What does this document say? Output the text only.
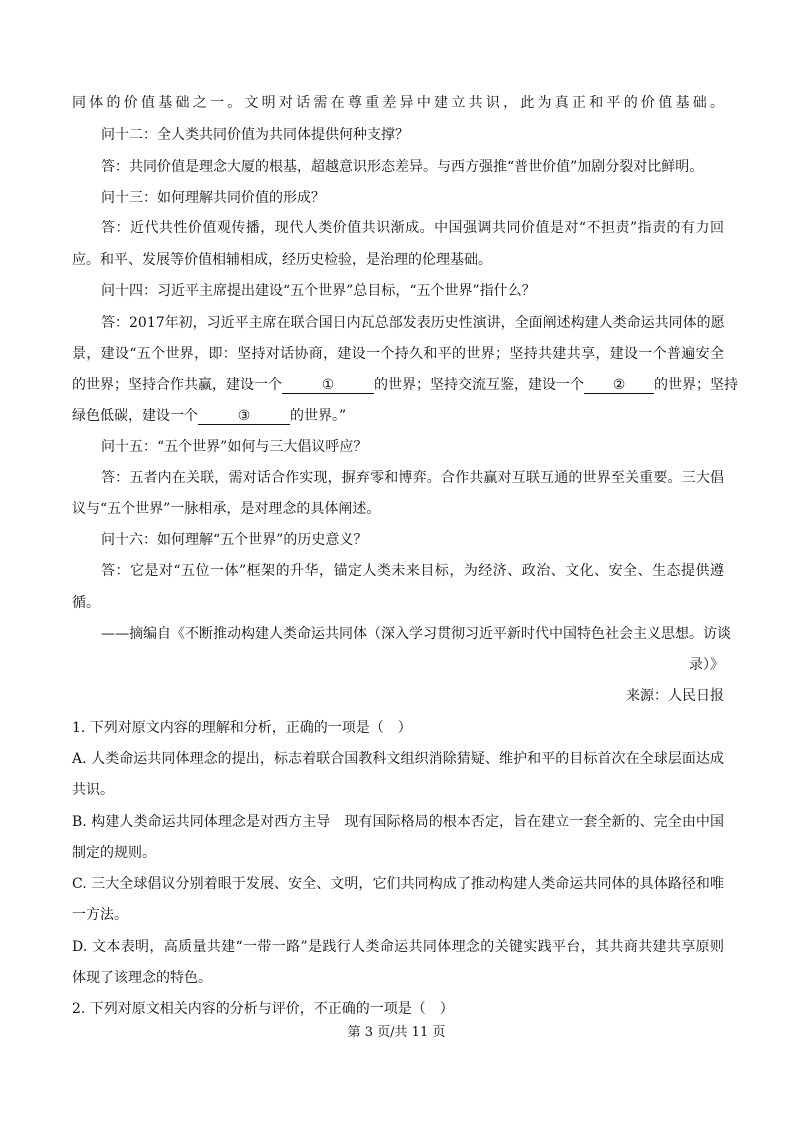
同体的价值基础之一。文明对话需在尊重差异中建立共识，此为真正和平的价值基础。
问十二：全人类共同价值为共同体提供何种支撑？
答：共同价值是理念大厦的根基，超越意识形态差异。与西方强推“普世价值”加剧分裂对比鲜明。
问十三：如何理解共同价值的形成？
答：近代共性价值观传播，现代人类价值共识渐成。中国强调共同价值是对“不担责”指责的有力回
应。和平、发展等价值相辅相成，经历史检验，是治理的伦理基础。
问十四：习近平主席提出建设“五个世界”总目标，“五个世界”指什么？
答：2017年初，习近平主席在联合国日内瓦总部发表历史性演讲，全面阐述构建人类命运共同体的愿
景，建设“五个世界，即：坚持对话协商，建设一个持久和平的世界；坚持共建共享，建设一个普遍安全
的世界；坚持合作共赢，建设一个	①	的世界；坚持交流互鉴，建设一个 ② 的世界；坚持
绿色低碳，建设一个	③	的世界。”
问十五：“五个世界”如何与三大倡议呼应？
答：五者内在关联，需对话合作实现，摒弃零和博弈。合作共赢对互联互通的世界至关重要。三大倡
议与“五个世界”一脉相承，是对理念的具体阐述。
问十六：如何理解“五个世界”的历史意义？
答：它是对“五位一体”框架的升华，锚定人类未来目标，为经济、政治、文化、安全、生态提供遵
循。
——摘编自《不断推动构建人类命运共同体（深入学习贯彻习近平新时代中国特色社会主义思想。访谈
录）》
来源：人民日报
1. 下列对原文内容的理解和分析，正确的一项是（　）
A. 人类命运共同体理念的提出，标志着联合国教科文组织消除猜疑、维护和平的目标首次在全球层面达成
共识。
B. 构建人类命运共同体理念是对西方主导　现有国际格局的根本否定，旨在建立一套全新的、完全由中国
制定的规则。
C. 三大全球倡议分别着眼于发展、安全、文明，它们共同构成了推动构建人类命运共同体的具体路径和唯
一方法。
D. 文本表明，高质量共建“一带一路”是践行人类命运共同体理念的关键实践平台，其共商共建共享原则
体现了该理念的特色。
2. 下列对原文相关内容的分析与评价，不正确的一项是（　）
第 3 页/共 11 页
